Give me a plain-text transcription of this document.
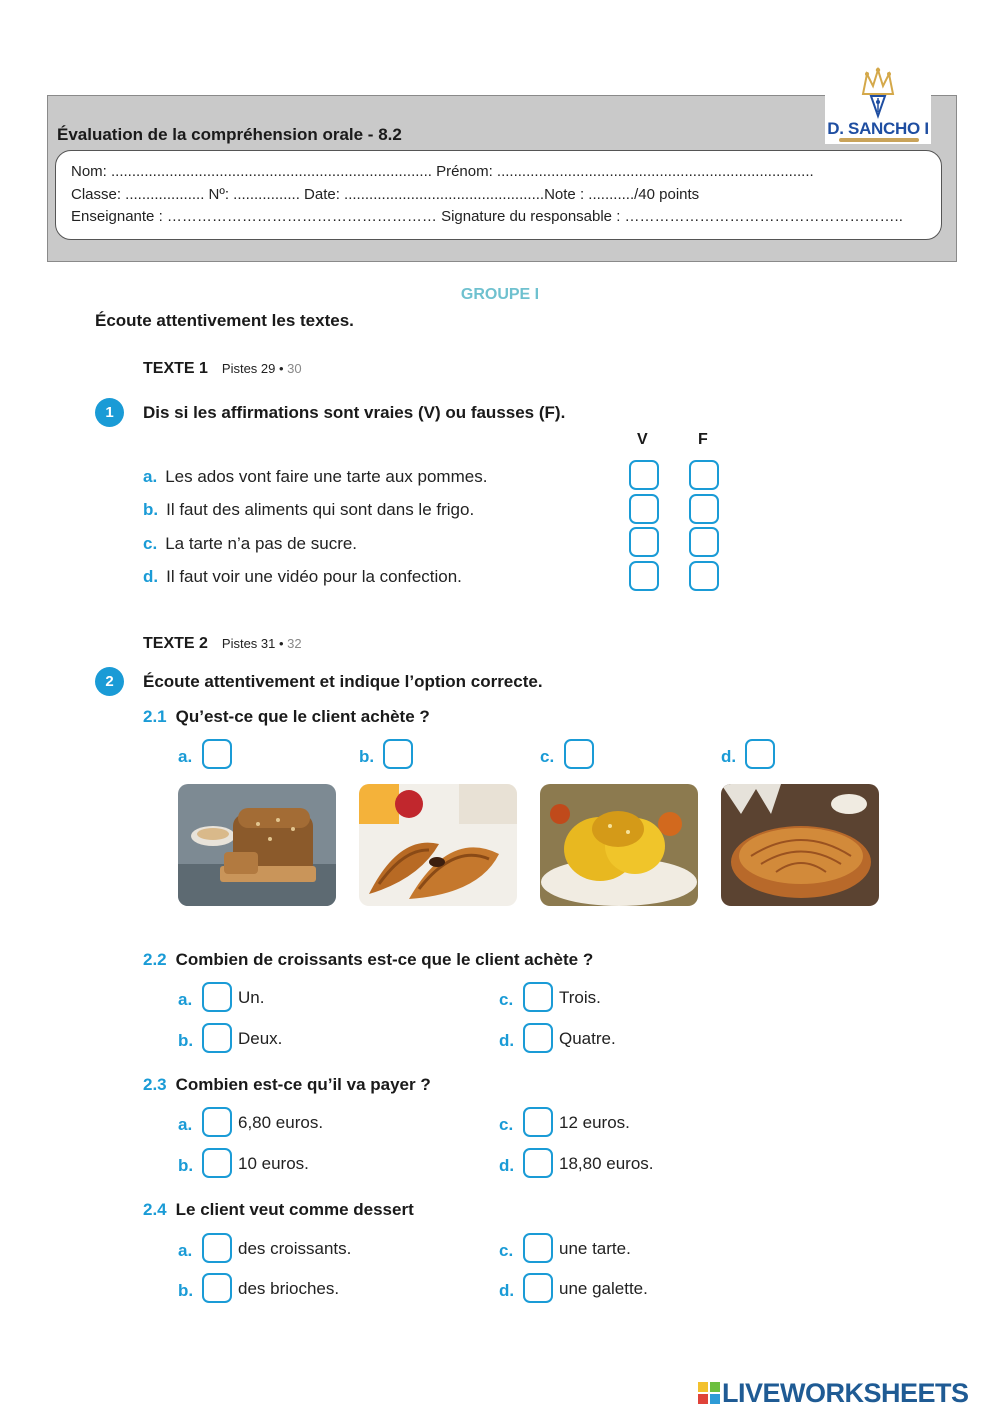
Évaluation de la compréhension orale - 8.2	D. SANCHO I
Nom: ............................................................................. Prénom: ............................................................................
Classe: ................... Nº: ................ Date: ................................................Note : .........../40 points
Enseignante : ……………………………………………… Signature du responsable : ………………………………………………..
GROUPE I
Écoute attentivement les textes.
TEXTE 1 Pistes 29 • 30
1	Dis si les affirmations sont vraies (V) ou fausses (F).
V	F
a. Les ados vont faire une tarte aux pommes.
b. Il faut des aliments qui sont dans le frigo.
c. La tarte n’a pas de sucre.
d. Il faut voir une vidéo pour la confection.
TEXTE 2 Pistes 31 • 32
2	Écoute attentivement et indique l’option correcte.
2.1 Qu’est-ce que le client achète ?
a.	b.	c.	d.
2.2 Combien de croissants est-ce que le client achète ?
a.	Un.
b.	Deux.
c.	Trois.
d.	Quatre.
2.3 Combien est-ce qu’il va payer ?
a.	6,80 euros.
b.	10 euros.
c.	12 euros.
d.	18,80 euros.
2.4 Le client veut comme dessert
a.	des croissants.
b.	des brioches.
c.	une tarte.
d.	une galette.
LIVEWORKSHEETS
